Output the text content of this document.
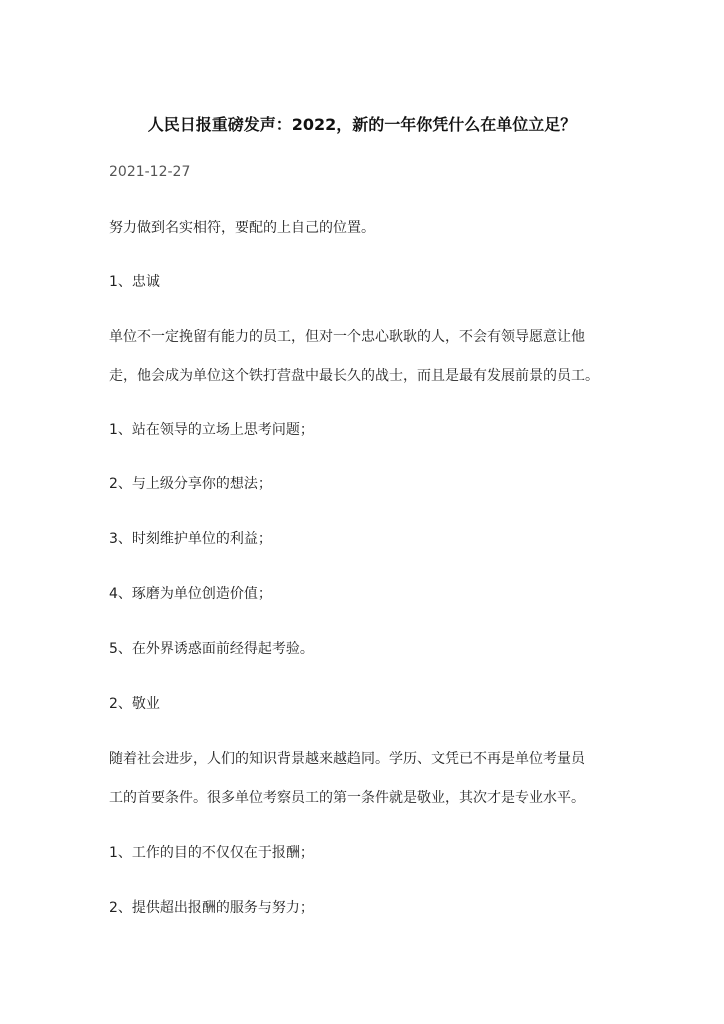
人民日报重磅发声：2022，新的一年你凭什么在单位立足？
2021-12-27
努力做到名实相符，要配的上自己的位置。
1、忠诚
单位不一定挽留有能力的员工，但对一个忠心耿耿的人，不会有领导愿意让他
走，他会成为单位这个铁打营盘中最长久的战士，而且是最有发展前景的员工。
1、站在领导的立场上思考问题；
2、与上级分享你的想法；
3、时刻维护单位的利益；
4、琢磨为单位创造价值；
5、在外界诱惑面前经得起考验。
2、敬业
随着社会进步，人们的知识背景越来越趋同。学历、文凭已不再是单位考量员
工的首要条件。很多单位考察员工的第一条件就是敬业，其次才是专业水平。
1、工作的目的不仅仅在于报酬；
2、提供超出报酬的服务与努力；
